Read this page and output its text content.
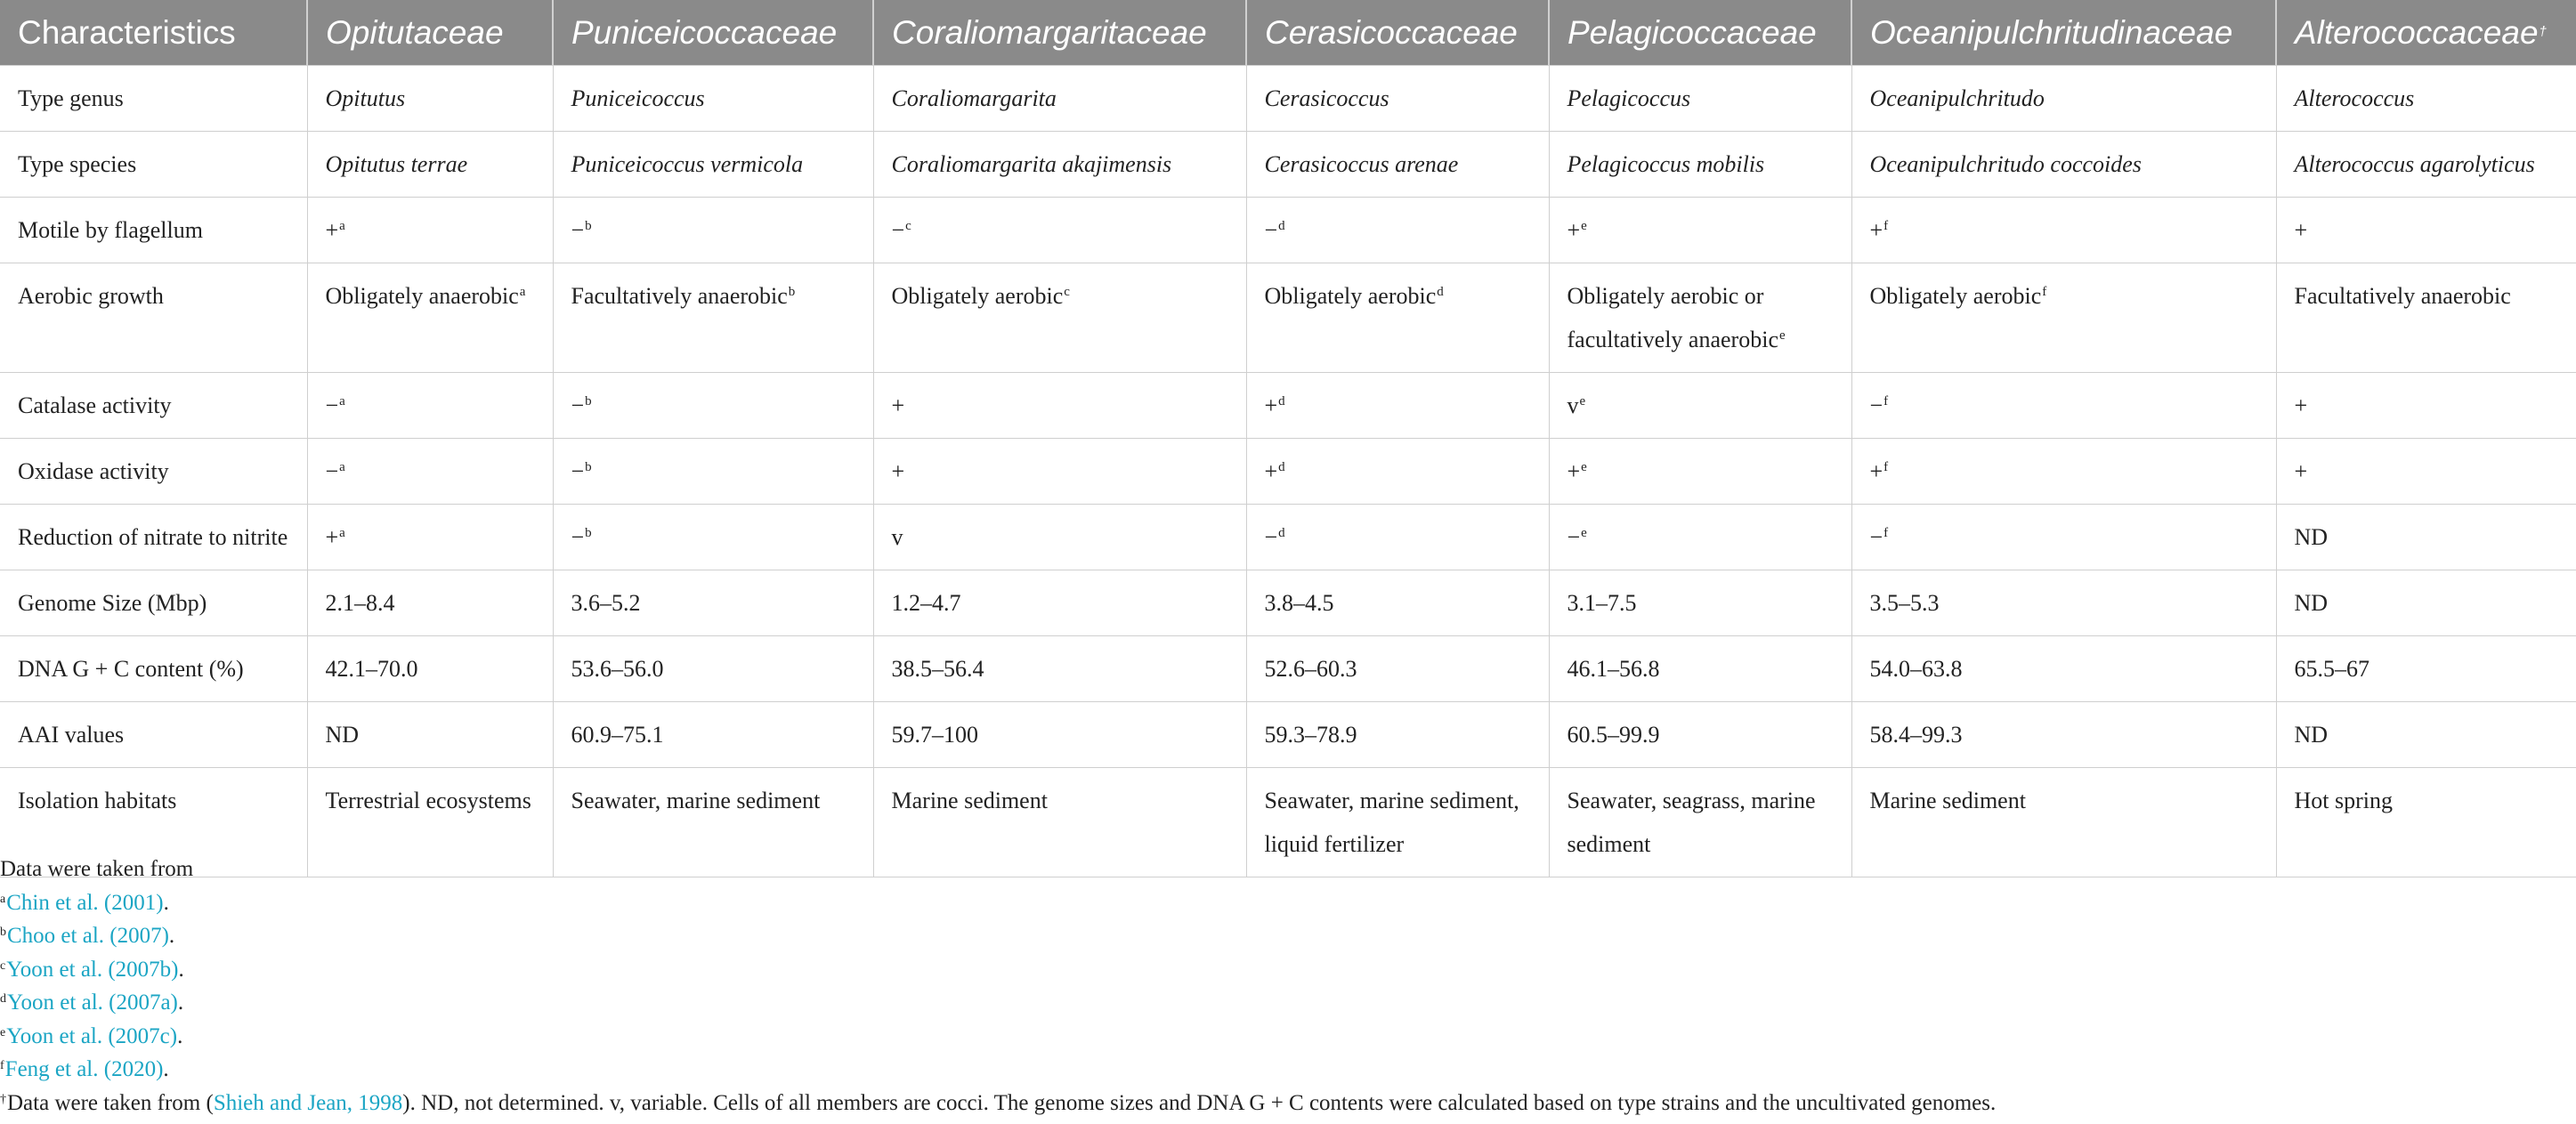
Characteristics	Opitutaceae	Puniceicoccaceae	Coraliomargaritaceae	Cerasicoccaceae	Pelagicoccaceae	Oceanipulchritudinaceae	Alterococcaceae†
Type genus	Opitutus	Puniceicoccus	Coraliomargarita	Cerasicoccus	Pelagicoccus	Oceanipulchritudo	Alterococcus
Type species	Opitutus terrae	Puniceicoccus vermicola	Coraliomargarita akajimensis	Cerasicoccus arenae	Pelagicoccus mobilis	Oceanipulchritudo coccoides	Alterococcus agarolyticus
Motile by flagellum	+$^a$	−$^b$	−$^c$	−$^d$	+$^e$	+$^f$	+
Aerobic growth	Obligately anaerobic$^a$	Facultatively anaerobic$^b$	Obligately aerobic$^c$	Obligately aerobic$^d$	Obligately aerobic or facultatively anaerobic$^e$	Obligately aerobic$^f$	Facultatively anaerobic
Catalase activity	−$^a$	−$^b$	+	+$^d$	$v^e$	−$^f$	+
Oxidase activity	−$^a$	−$^b$	+	+$^d$	+$^e$	+$^f$	+
Reduction of nitrate to nitrite	+$^a$	−$^b$	v	−$^d$	−$^e$	−$^f$	ND
Genome Size (Mbp)	2.1–8.4	3.6–5.2	1.2–4.7	3.8–4.5	3.1–7.5	3.5–5.3	ND
DNA G + C content (%)	42.1–70.0	53.6–56.0	38.5–56.4	52.6–60.3	46.1–56.8	54.0–63.8	65.5–67
AAI values	ND	60.9–75.1	59.7–100	59.3–78.9	60.5–99.9	58.4–99.3	ND
Isolation habitats	Terrestrial ecosystems	Seawater, marine sediment	Marine sediment	Seawater, marine sediment, liquid fertilizer	Seawater, seagrass, marine sediment	Marine sediment	Hot spring
Data were taken from
$^a$Chin et al. (2001).
$^b$Choo et al. (2007).
$^c$Yoon et al. (2007b).
$^d$Yoon et al. (2007a).
$^e$Yoon et al. (2007c).
$^f$Feng et al. (2020).
†Data were taken from (Shieh and Jean, 1998). ND, not determined. v, variable. Cells of all members are cocci. The genome sizes and DNA G + C contents were calculated based on type strains and the uncultivated genomes.
